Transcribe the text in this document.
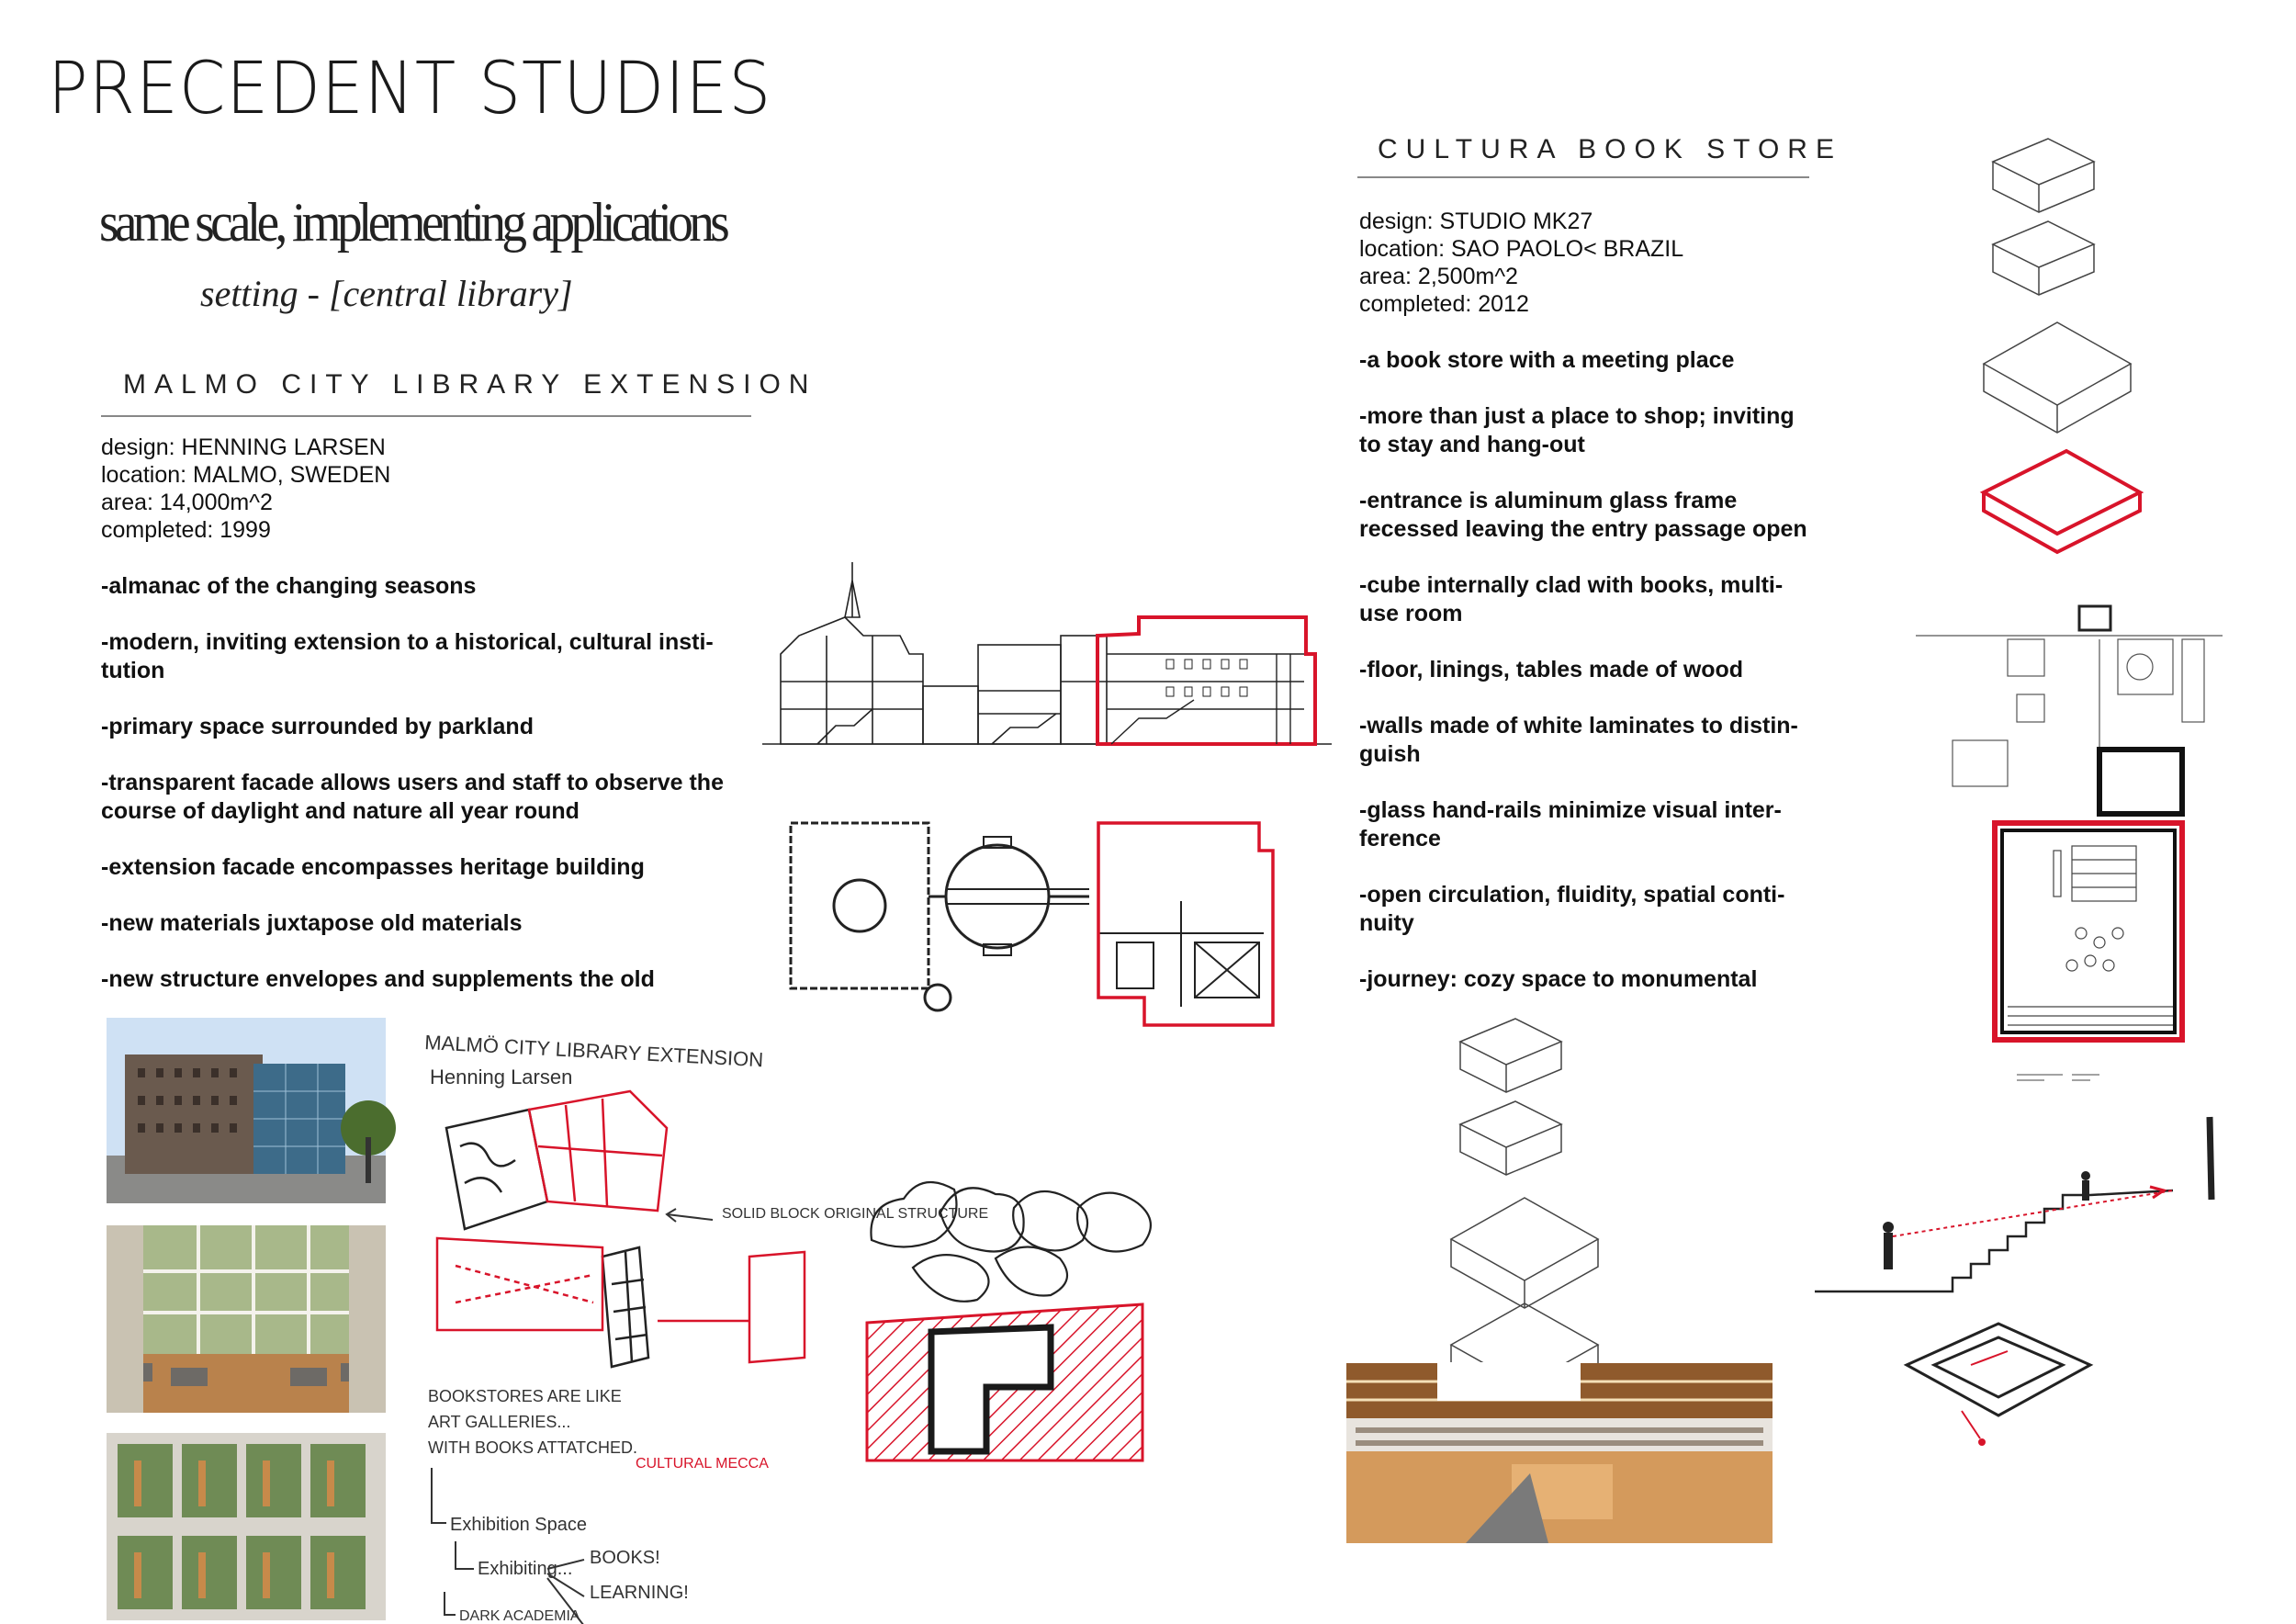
PRECEDENT STUDIES
same scale, implementing applications
setting - [central library]
MALMO CITY LIBRARY EXTENSION
design: HENNING LARSEN
location: MALMO, SWEDEN
area: 14,000m^2
completed: 1999
-almanac of the changing seasons
-modern, inviting extension to a historical, cultural insti-tution
-primary space surrounded by parkland
-transparent facade allows users and staff to observe the course of daylight and nature all year round
-extension facade encompasses heritage building
-new materials juxtapose old materials
-new structure envelopes and supplements the old
CULTURA BOOK STORE
design: STUDIO MK27
location: SAO PAOLO< BRAZIL
area: 2,500m^2
completed: 2012
-a book store with a meeting place
-more than just a place to shop; inviting to stay and hang-out
-entrance is aluminum glass frame recessed leaving the entry passage open
-cube internally clad with books, multi-use room
-floor, linings, tables made of wood
-walls made of white laminates to distin-guish
-glass hand-rails minimize visual inter-ference
-open circulation, fluidity, spatial conti-nuity
-journey: cozy space to monumental
MALMÖ CITY LIBRARY EXTENSION
Henning Larsen
SOLID BLOCK ORIGINAL STRUCTURE
BOOKSTORES ARE LIKE
ART GALLERIES...
WITH BOOKS ATTATCHED.
CULTURAL MECCA
Exhibition Space
Exhibiting...
BOOKS!
LEARNING!
DARK ACADEMIA
